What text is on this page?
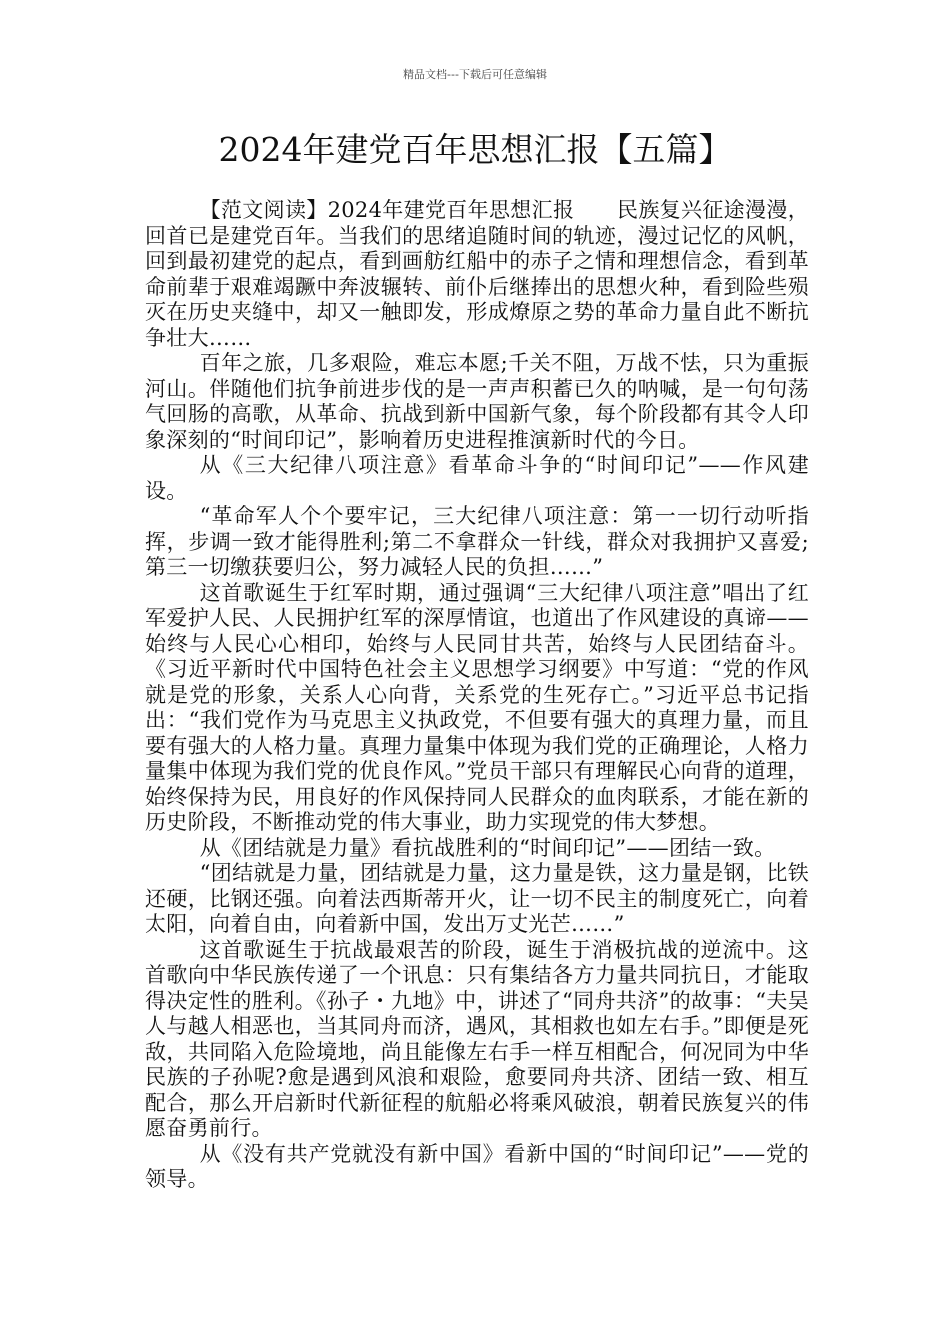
精品文档---下载后可任意编辑
2024年建党百年思想汇报【五篇】

【范文阅读】2024年建党百年思想汇报　　民族复兴征途漫漫，回首已是建党百年。当我们的思绪追随时间的轨迹，漫过记忆的风帆，回到最初建党的起点，看到画舫红船中的赤子之情和理想信念，看到革命前辈于艰难竭蹶中奔波辗转、前仆后继捧出的思想火种，看到险些殒灭在历史夹缝中，却又一触即发，形成燎原之势的革命力量自此不断抗争壮大……

百年之旅，几多艰险，难忘本愿;千关不阻，万战不怯，只为重振河山。伴随他们抗争前进步伐的是一声声积蓄已久的呐喊，是一句句荡气回肠的高歌，从革命、抗战到新中国新气象，每个阶段都有其令人印象深刻的“时间印记”，影响着历史进程推演新时代的今日。

从《三大纪律八项注意》看革命斗争的“时间印记”——作风建设。

“革命军人个个要牢记，三大纪律八项注意：第一一切行动听指挥，步调一致才能得胜利;第二不拿群众一针线，群众对我拥护又喜爱;第三一切缴获要归公，努力减轻人民的负担……”

这首歌诞生于红军时期，通过强调“三大纪律八项注意”唱出了红军爱护人民、人民拥护红军的深厚情谊，也道出了作风建设的真谛——始终与人民心心相印，始终与人民同甘共苦，始终与人民团结奋斗。《习近平新时代中国特色社会主义思想学习纲要》中写道：“党的作风就是党的形象，关系人心向背，关系党的生死存亡。”习近平总书记指出：“我们党作为马克思主义执政党，不但要有强大的真理力量，而且要有强大的人格力量。真理力量集中体现为我们党的正确理论，人格力量集中体现为我们党的优良作风。”党员干部只有理解民心向背的道理，始终保持为民，用良好的作风保持同人民群众的血肉联系，才能在新的历史阶段，不断推动党的伟大事业，助力实现党的伟大梦想。

从《团结就是力量》看抗战胜利的“时间印记”——团结一致。

“团结就是力量，团结就是力量，这力量是铁，这力量是钢，比铁还硬，比钢还强。向着法西斯蒂开火，让一切不民主的制度死亡，向着太阳，向着自由，向着新中国，发出万丈光芒……”

这首歌诞生于抗战最艰苦的阶段，诞生于消极抗战的逆流中。这首歌向中华民族传递了一个讯息：只有集结各方力量共同抗日，才能取得决定性的胜利。《孙子・九地》中，讲述了“同舟共济”的故事：“夫吴人与越人相恶也，当其同舟而济，遇风，其相救也如左右手。”即便是死敌，共同陷入危险境地，尚且能像左右手一样互相配合，何况同为中华民族的子孙呢?愈是遇到风浪和艰险，愈要同舟共济、团结一致、相互配合，那么开启新时代新征程的航船必将乘风破浪，朝着民族复兴的伟愿奋勇前行。

从《没有共产党就没有新中国》看新中国的“时间印记”——党的领导。
